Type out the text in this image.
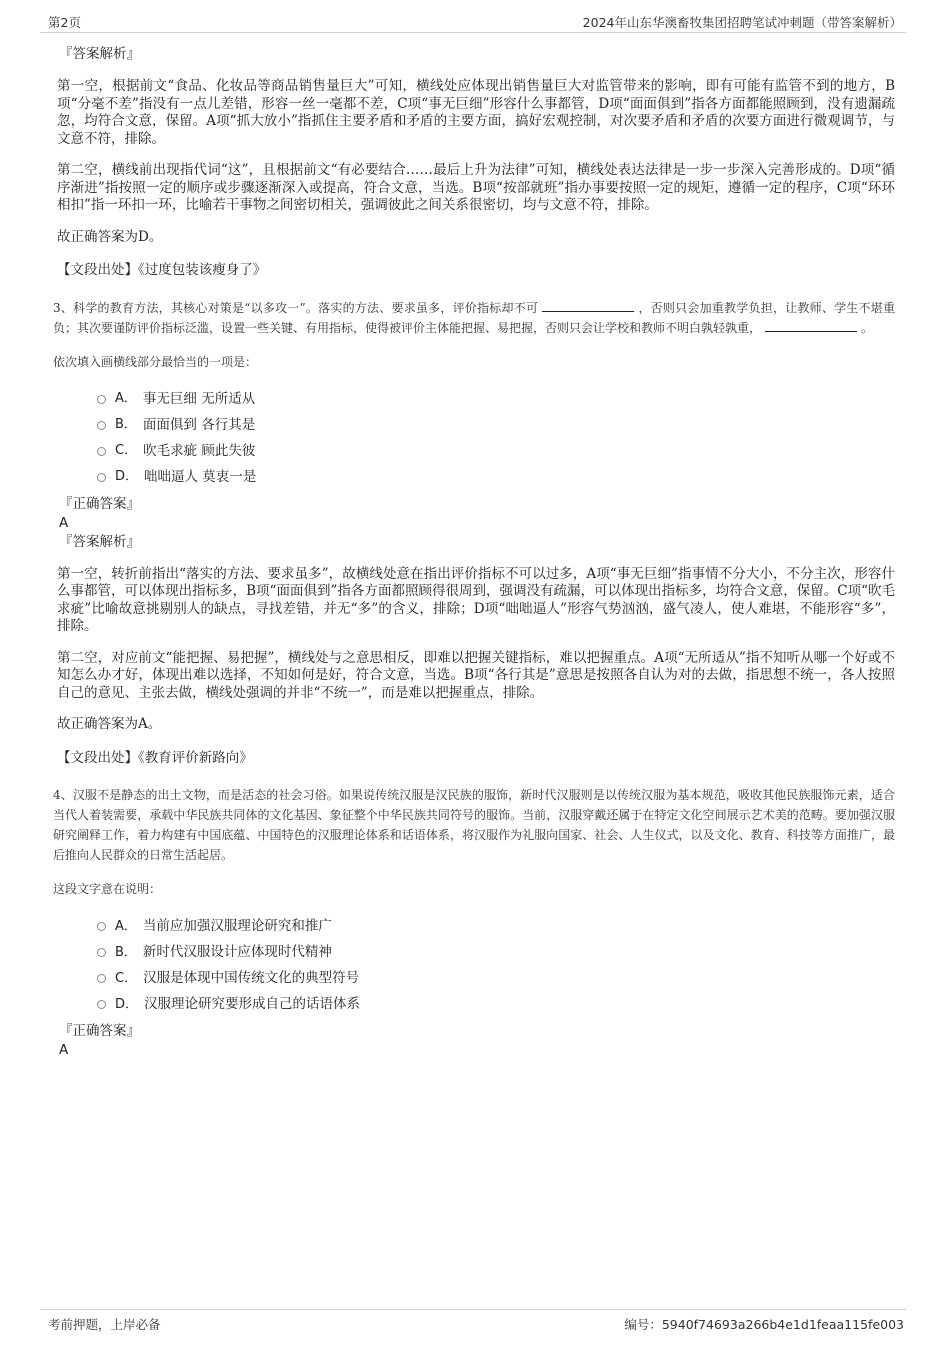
第2页	2024年山东华澳畜牧集团招聘笔试冲刺题（带答案解析）
『答案解析』

第一空，根据前文“食品、化妆品等商品销售量巨大”可知，横线处应体现出销售量巨大对监管带来的影响，即有可能有监管不到的地方，B项“分毫不差”指没有一点儿差错，形容一丝一毫都不差，C项“事无巨细”形容什么事都管，D项“面面俱到”指各方面都能照顾到，没有遗漏疏忽，均符合文意，保留。A项“抓大放小”指抓住主要矛盾和矛盾的主要方面，搞好宏观控制，对次要矛盾和矛盾的次要方面进行微观调节，与文意不符，排除。

第二空，横线前出现指代词“这”，且根据前文“有必要结合……最后上升为法律”可知，横线处表达法律是一步一步深入完善形成的。D项“循序渐进”指按照一定的顺序或步骤逐渐深入或提高，符合文意，当选。B项“按部就班”指办事要按照一定的规矩，遵循一定的程序，C项“环环相扣”指一环扣一环，比喻若干事物之间密切相关，强调彼此之间关系很密切，均与文意不符，排除。

故正确答案为D。

【文段出处】《过度包装该瘦身了》

3、科学的教育方法，其核心对策是“以多攻一”。落实的方法、要求虽多，评价指标却不可	，否则只会加重教学负担，让教师、学生不堪重负；其次要谨防评价指标泛滥，设置一些关键、有用指标，使得被评价主体能把握、易把握，否则只会让学校和教师不明白孰轻孰重，	。
依次填入画横线部分最恰当的一项是：
A． 事无巨细 无所适从
B． 面面俱到 各行其是
C． 吹毛求疵 顾此失彼
D． 咄咄逼人 莫衷一是
『正确答案』
A
『答案解析』

第一空，转折前指出“落实的方法、要求虽多”，故横线处意在指出评价指标不可以过多，A项“事无巨细”指事情不分大小，不分主次，形容什么事都管，可以体现出指标多，B项“面面俱到”指各方面都照顾得很周到，强调没有疏漏，可以体现出指标多，均符合文意，保留。C项“吹毛求疵”比喻故意挑剔别人的缺点，寻找差错，并无“多”的含义，排除；D项“咄咄逼人”形容气势汹汹，盛气凌人，使人难堪，不能形容“多”，排除。

第二空，对应前文“能把握、易把握”，横线处与之意思相反，即难以把握关键指标，难以把握重点。A项“无所适从”指不知听从哪一个好或不知怎么办才好，体现出难以选择，不知如何是好，符合文意，当选。B项“各行其是”意思是按照各自认为对的去做，指思想不统一，各人按照自己的意见、主张去做，横线处强调的并非“不统一”，而是难以把握重点，排除。

故正确答案为A。

【文段出处】《教育评价新路向》

4、汉服不是静态的出土文物，而是活态的社会习俗。如果说传统汉服是汉民族的服饰，新时代汉服则是以传统汉服为基本规范，吸收其他民族服饰元素，适合当代人着装需要，承载中华民族共同体的文化基因、象征整个中华民族共同符号的服饰。当前，汉服穿戴还属于在特定文化空间展示艺术美的范畴。要加强汉服研究阐释工作，着力构建有中国底蕴、中国特色的汉服理论体系和话语体系，将汉服作为礼服向国家、社会、人生仪式，以及文化、教育、科技等方面推广，最后推向人民群众的日常生活起居。
这段文字意在说明：
A． 当前应加强汉服理论研究和推广
B． 新时代汉服设计应体现时代精神
C． 汉服是体现中国传统文化的典型符号
D． 汉服理论研究要形成自己的话语体系
『正确答案』
A
考前押题，上岸必备	编号：5940f74693a266b4e1d1feaa115fe003
